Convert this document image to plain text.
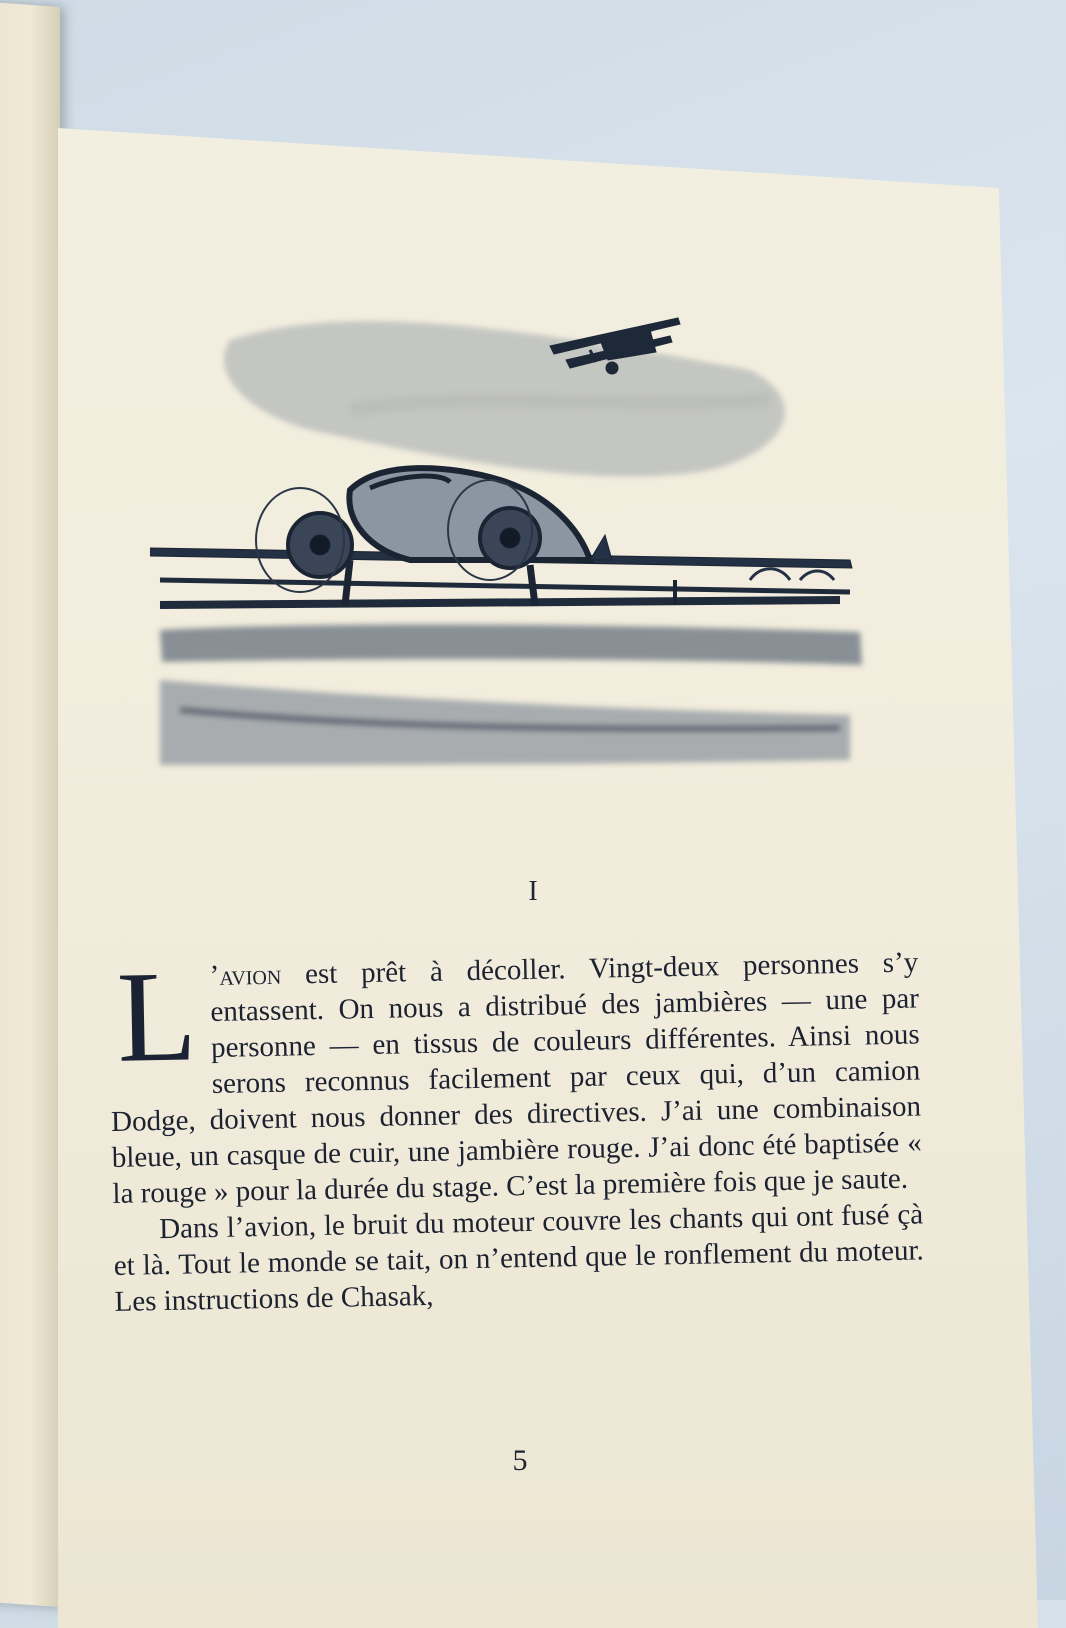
I

L ’avion est prêt à décoller. Vingt-deux personnes s’y entassent. On nous a distribué des jambières — une par personne — en tissus de couleurs différentes. Ainsi nous serons reconnus facilement par ceux qui, d’un camion Dodge, doivent nous donner des directives. J’ai une combinaison bleue, un casque de cuir, une jambière rouge. J’ai donc été baptisée « la rouge » pour la durée du stage. C’est la première fois que je saute.

Dans l’avion, le bruit du moteur couvre les chants qui ont fusé çà et là. Tout le monde se tait, on n’entend que le ronflement du moteur. Les instructions de Chasak,

5
